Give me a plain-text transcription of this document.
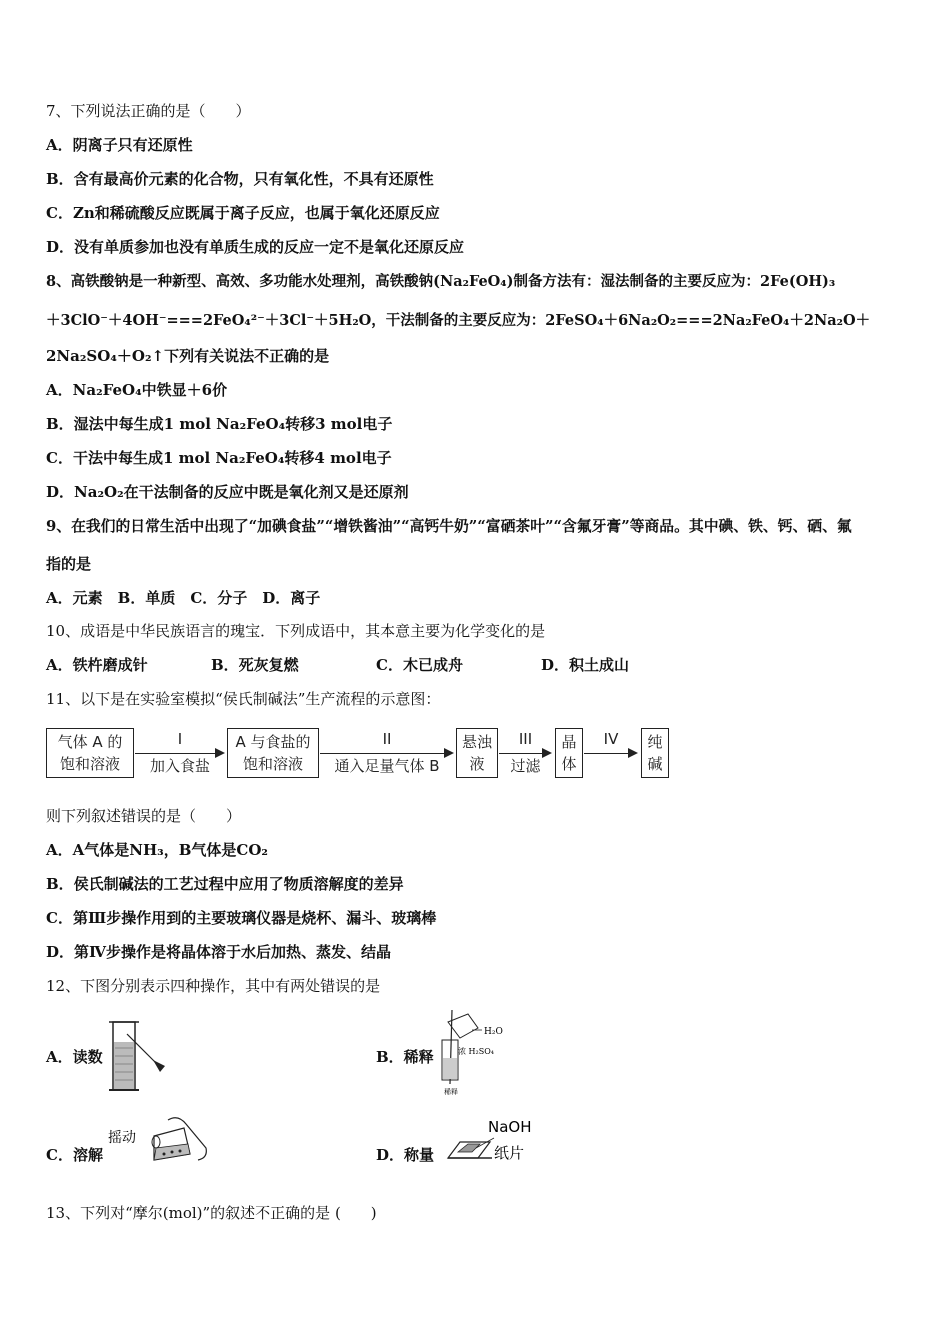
7、下列说法正确的是（　　）
A．阴离子只有还原性
B．含有最高价元素的化合物，只有氧化性，不具有还原性
C．Zn和稀硫酸反应既属于离子反应，也属于氧化还原反应
D．没有单质参加也没有单质生成的反应一定不是氧化还原反应
8、高铁酸钠是一种新型、高效、多功能水处理剂，高铁酸钠(Na₂FeO₄)制备方法有：湿法制备的主要反应为：2Fe(OH)₃
＋3ClO⁻＋4OH⁻===2FeO₄²⁻＋3Cl⁻＋5H₂O，干法制备的主要反应为：2FeSO₄＋6Na₂O₂===2Na₂FeO₄＋2Na₂O＋
2Na₂SO₄＋O₂↑下列有关说法不正确的是
A．Na₂FeO₄中铁显＋6价
B．湿法中每生成1 mol Na₂FeO₄转移3 mol电子
C．干法中每生成1 mol Na₂FeO₄转移4 mol电子
D．Na₂O₂在干法制备的反应中既是氧化剂又是还原剂
9、在我们的日常生活中出现了“加碘食盐”“增铁酱油”“高钙牛奶”“富硒茶叶”“含氟牙膏”等商品。其中碘、铁、钙、硒、氟
指的是
A．元素　B．单质　C．分子　D．离子
10、成语是中华民族语言的瑰宝．下列成语中，其本意主要为化学变化的是
A．铁杵磨成针	B．死灰复燃	C．木已成舟	D．积土成山
11、以下是在实验室模拟“侯氏制碱法”生产流程的示意图：
气体 A 的
饱和溶液
I
加入食盐
A 与食盐的
饱和溶液
II
通入足量气体 B
悬浊
液
III
过滤
晶
体
IV	纯
碱
则下列叙述错误的是（　　）
A．A气体是NH₃，B气体是CO₂
B．侯氏制碱法的工艺过程中应用了物质溶解度的差异
C．第Ⅲ步操作用到的主要玻璃仪器是烧杯、漏斗、玻璃棒
D．第Ⅳ步操作是将晶体溶于水后加热、蒸发、结晶
12、下图分别表示四种操作，其中有两处错误的是
A．读数	B．稀释
H₂O
浓 H₂SO₄
稀释
C．溶解
摇动
D．称量
NaOH
纸片
13、下列对“摩尔(mol)”的叙述不正确的是 (　　)
